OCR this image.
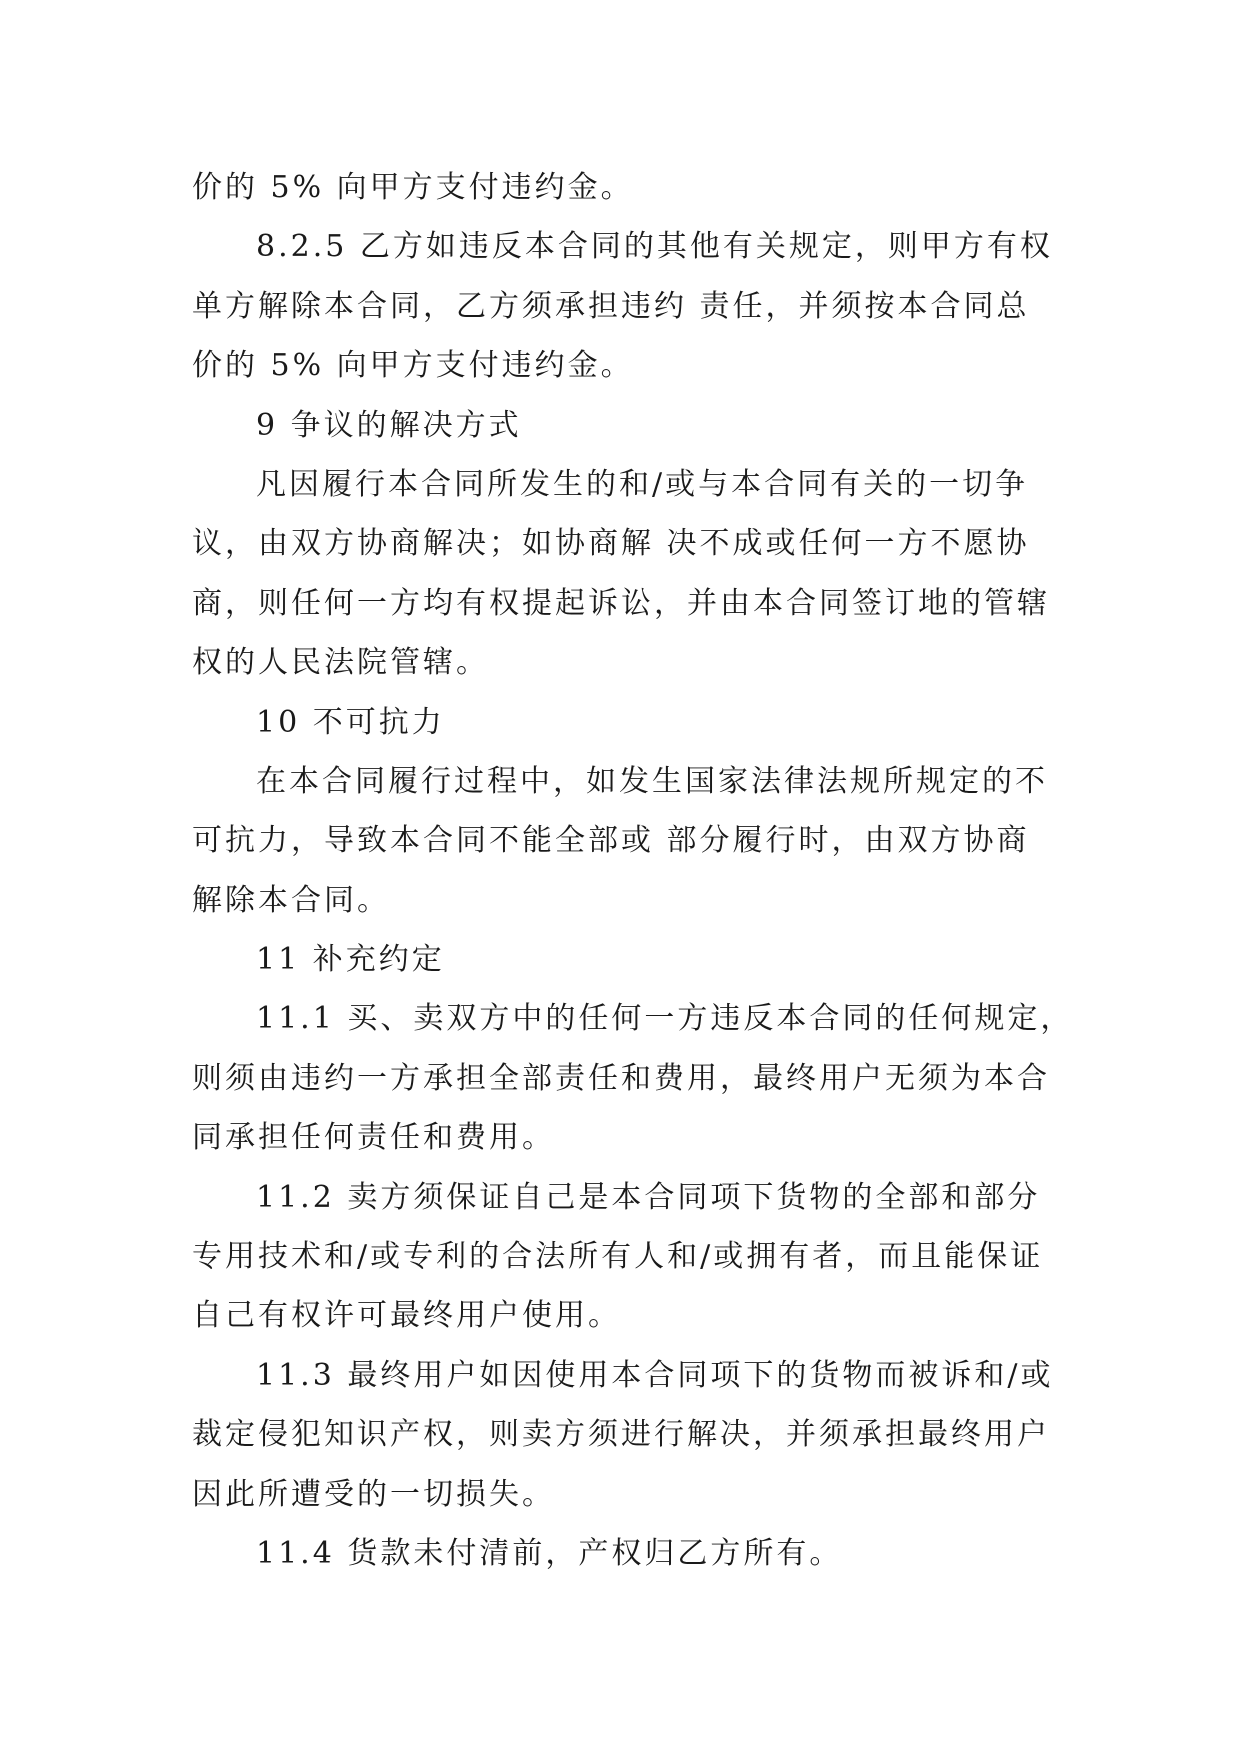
价的 5% 向甲方支付违约金。
8.2.5 乙方如违反本合同的其他有关规定，则甲方有权
单方解除本合同，乙方须承担违约 责任，并须按本合同总
价的 5% 向甲方支付违约金。
9 争议的解决方式
凡因履行本合同所发生的和/或与本合同有关的一切争
议，由双方协商解决；如协商解 决不成或任何一方不愿协
商，则任何一方均有权提起诉讼，并由本合同签订地的管辖
权的人民法院管辖。
10 不可抗力
在本合同履行过程中，如发生国家法律法规所规定的不
可抗力，导致本合同不能全部或 部分履行时，由双方协商
解除本合同。
11 补充约定
11.1 买、卖双方中的任何一方违反本合同的任何规定，
则须由违约一方承担全部责任和费用，最终用户无须为本合
同承担任何责任和费用。
11.2 卖方须保证自己是本合同项下货物的全部和部分
专用技术和/或专利的合法所有人和/或拥有者，而且能保证
自己有权许可最终用户使用。
11.3 最终用户如因使用本合同项下的货物而被诉和/或
裁定侵犯知识产权，则卖方须进行解决，并须承担最终用户
因此所遭受的一切损失。
11.4 货款未付清前，产权归乙方所有。
